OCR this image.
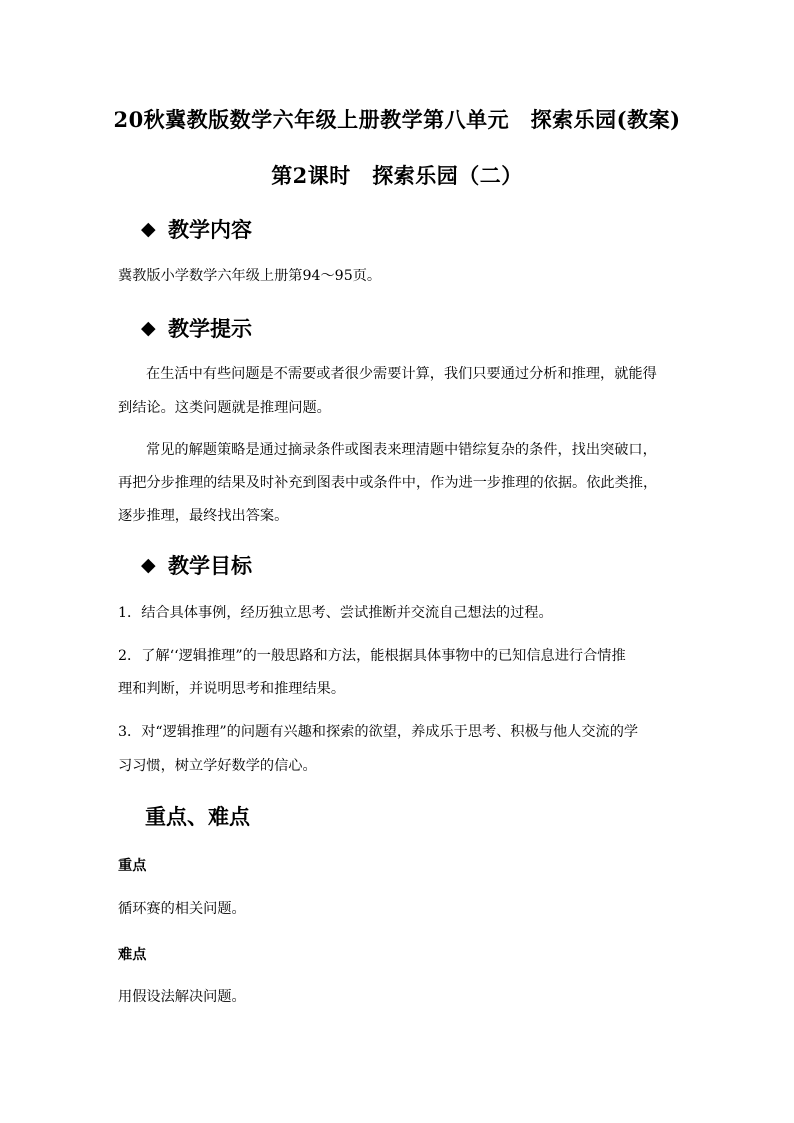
20秋冀教版数学六年级上册教学第八单元　探索乐园(教案)
第2课时　探索乐园（二）
◆ 教学内容
冀教版小学数学六年级上册第94～95页。
◆ 教学提示
在生活中有些问题是不需要或者很少需要计算，我们只要通过分析和推理，就能得
到结论。这类问题就是推理问题。
常见的解题策略是通过摘录条件或图表来理清题中错综复杂的条件，找出突破口，
再把分步推理的结果及时补充到图表中或条件中，作为进一步推理的依据。依此类推，
逐步推理，最终找出答案。
◆ 教学目标
1．结合具体事例，经历独立思考、尝试推断并交流自己想法的过程。
2．了解‘‘逻辑推理”的一般思路和方法，能根据具体事物中的已知信息进行合情推
理和判断，并说明思考和推理结果。
3．对“逻辑推理”的问题有兴趣和探索的欲望，养成乐于思考、积极与他人交流的学
习习惯，树立学好数学的信心。
重点、难点
重点
循环赛的相关问题。
难点
用假设法解决问题。
